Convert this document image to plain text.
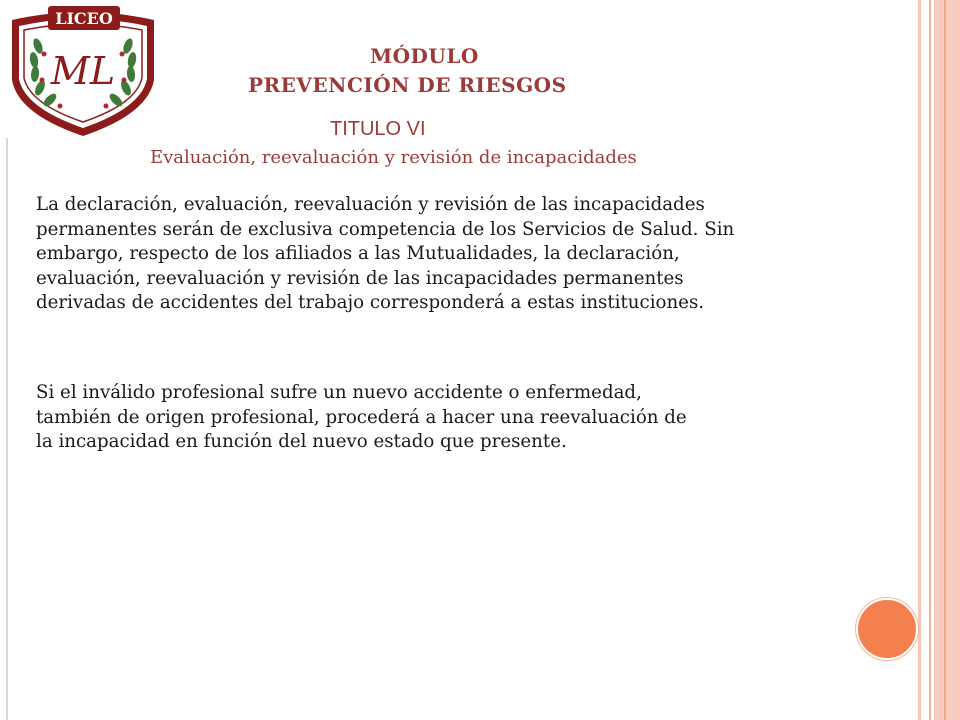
LICEO
ML	MÓDULO
PREVENCIÓN DE RIESGOS
TITULO VI
Evaluación, reevaluación y revisión de incapacidades
La declaración, evaluación, reevaluación y revisión de las incapacidades
permanentes serán de exclusiva competencia de los Servicios de Salud. Sin
embargo, respecto de los afiliados a las Mutualidades, la declaración,
evaluación, reevaluación y revisión de las incapacidades permanentes
derivadas de accidentes del trabajo corresponderá a estas instituciones.
Si el inválido profesional sufre un nuevo accidente o enfermedad,
también de origen profesional, procederá a hacer una reevaluación de
la incapacidad en función del nuevo estado que presente.
